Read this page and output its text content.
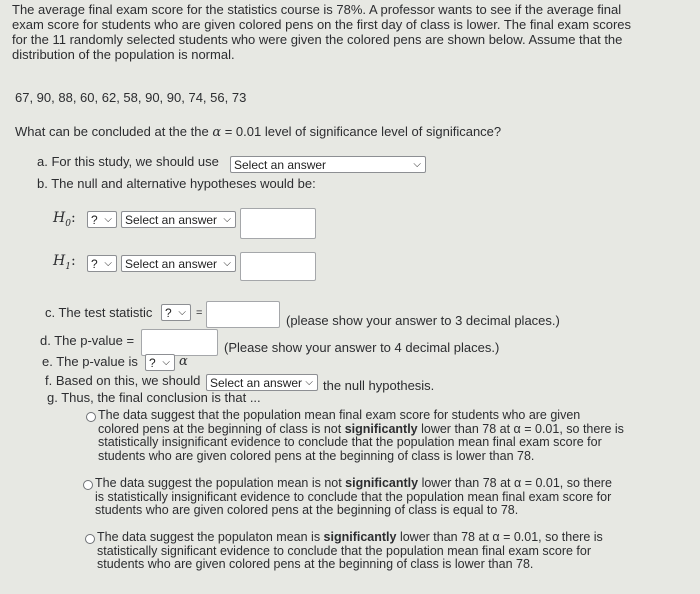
The average final exam score for the statistics course is 78%. A professor wants to see if the average final
exam score for students who are given colored pens on the first day of class is lower. The final exam scores
for the 11 randomly selected students who were given the colored pens are shown below. Assume that the
distribution of the population is normal.
67, 90, 88, 60, 62, 58, 90, 90, 74, 56, 73
What can be concluded at the the α = 0.01 level of significance level of significance?
a. For this study, we should use	Select an answer	⌵
b. The null and alternative hypotheses would be:
$H_0$:	? ⌵	Select an answer ⌵
$H_1$:	? ⌵	Select an answer ⌵
c. The test statistic	? ⌵ =	(please show your answer to 3 decimal places.)
d. The p-value =	(Please show your answer to 4 decimal places.)
e. The p-value is ? ⌵ α
f. Based on this, we should Select an answer ⌵ the null hypothesis.
g. Thus, the final conclusion is that ...
The data suggest that the population mean final exam score for students who are given
colored pens at the beginning of class is not significantly lower than 78 at α = 0.01, so there is
statistically insignificant evidence to conclude that the population mean final exam score for
students who are given colored pens at the beginning of class is lower than 78.
The data suggest the population mean is not significantly lower than 78 at α = 0.01, so there
is statistically insignificant evidence to conclude that the population mean final exam score for
students who are given colored pens at the beginning of class is equal to 78.
The data suggest the populaton mean is significantly lower than 78 at α = 0.01, so there is
statistically significant evidence to conclude that the population mean final exam score for
students who are given colored pens at the beginning of class is lower than 78.
